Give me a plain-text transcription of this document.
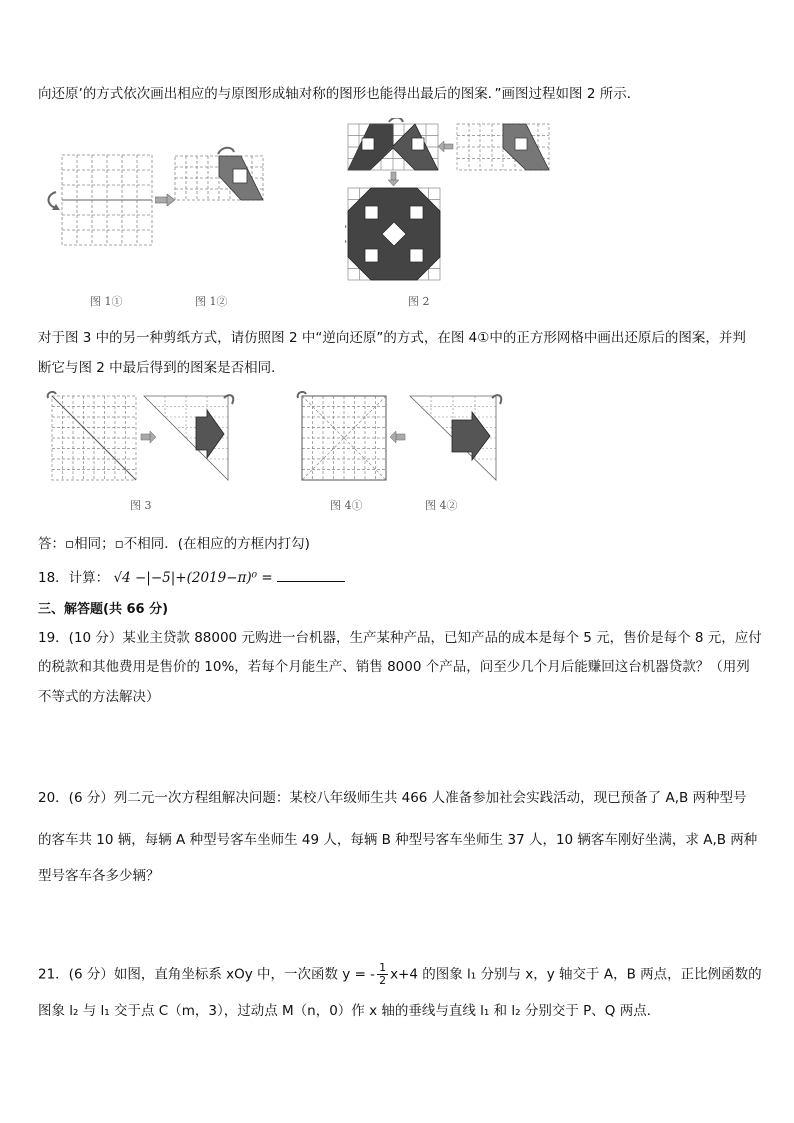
向还原’的方式依次画出相应的与原图形成轴对称的图形也能得出最后的图案．”画图过程如图 2 所示．
图 1①	图 1②	图 2
对于图 3 中的另一种剪纸方式，请仿照图 2 中“逆向还原”的方式，在图 4①中的正方形网格中画出还原后的图案，并判
断它与图 2 中最后得到的图案是否相同．
图 3	图 4①	图 4②
答：▫相同；▫不相同．(在相应的方框内打勾)
18．计算： √4 −|−5|+(2019−π)⁰ =
三、解答题(共 66 分)
19．(10 分）某业主贷款 88000 元购进一台机器，生产某种产品，已知产品的成本是每个 5 元，售价是每个 8 元，应付
的税款和其他费用是售价的 10%，若每个月能生产、销售 8000 个产品，问至少几个月后能赚回这台机器贷款？（用列
不等式的方法解决）
20．(6 分）列二元一次方程组解决问题：某校八年级师生共 466 人准备参加社会实践活动，现已预备了 A,B 两种型号
的客车共 10 辆，每辆 A 种型号客车坐师生 49 人，每辆 B 种型号客车坐师生 37 人，10 辆客车刚好坐满，求 A,B 两种
型号客车各多少辆？
21．(6 分）如图，直角坐标系 xOy 中，一次函数 y = - $\frac{1}{2} x+4$ 的图象 l₁ 分别与 x，y 轴交于 A，B 两点，正比例函数的
图象 l₂ 与 l₁ 交于点 C（m，3），过动点 M（n，0）作 x 轴的垂线与直线 l₁ 和 l₂ 分别交于 P、Q 两点．
